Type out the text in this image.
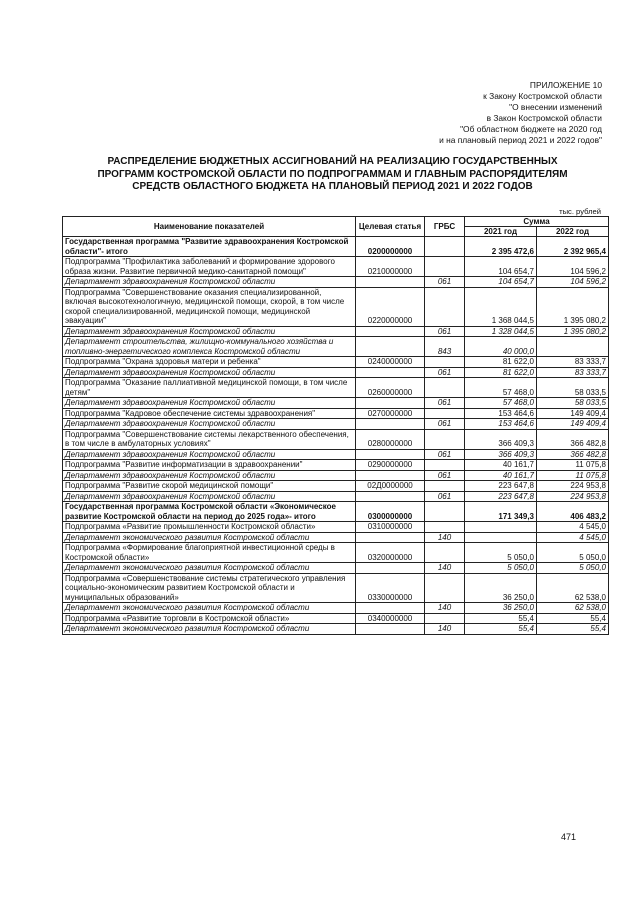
ПРИЛОЖЕНИЕ 10
к Закону Костромской области
"О внесении изменений
в Закон Костромской области
"Об областном бюджете на 2020 год
и на плановый период 2021 и 2022 годов"
РАСПРЕДЕЛЕНИЕ БЮДЖЕТНЫХ АССИГНОВАНИЙ НА РЕАЛИЗАЦИЮ ГОСУДАРСТВЕННЫХ
ПРОГРАММ КОСТРОМСКОЙ ОБЛАСТИ ПО ПОДПРОГРАММАМ И ГЛАВНЫМ РАСПОРЯДИТЕЛЯМ
СРЕДСТВ ОБЛАСТНОГО БЮДЖЕТА НА ПЛАНОВЫЙ ПЕРИОД 2021 И 2022 ГОДОВ
тыс. рублей
Наименование показателей	Целевая статья	ГРБС	Сумма	
			2021 год	2022 год
Государственная программа "Развитие здравоохранения Костромской области"- итого	0200000000		2 395 472,6	2 392 965,4
Подпрограмма "Профилактика заболеваний и формирование здорового образа жизни. Развитие первичной медико-санитарной помощи"	0210000000		104 654,7	104 596,2
Департамент здравоохранения Костромской области		061	104 654,7	104 596,2
Подпрограмма "Совершенствование оказания специализированной, включая высокотехнологичную, медицинской помощи, скорой, в том числе скорой специализированной, медицинской помощи, медицинской эвакуации"	0220000000		1 368 044,5	1 395 080,2
Департамент здравоохранения Костромской области		061	1 328 044,5	1 395 080,2
Департамент строительства, жилищно-коммунального хозяйства и топливно-энергетического комплекса Костромской области		843	40 000,0	
Подпрограмма "Охрана здоровья матери и ребенка"	0240000000		81 622,0	83 333,7
Департамент здравоохранения Костромской области		061	81 622,0	83 333,7
Подпрограмма "Оказание паллиативной медицинской помощи, в том числе детям"	0260000000		57 468,0	58 033,5
Департамент здравоохранения Костромской области		061	57 468,0	58 033,5
Подпрограмма "Кадровое обеспечение системы здравоохранения"	0270000000		153 464,6	149 409,4
Департамент здравоохранения Костромской области		061	153 464,6	149 409,4
Подпрограмма "Совершенствование системы лекарственного обеспечения, в том числе в амбулаторных условиях"	0280000000		366 409,3	366 482,8
Департамент здравоохранения Костромской области		061	366 409,3	366 482,8
Подпрограмма "Развитие информатизации в здравоохранении"	0290000000		40 161,7	11 075,8
Департамент здравоохранения Костромской области		061	40 161,7	11 075,8
Подпрограмма "Развитие скорой медицинской помощи"	02Д0000000		223 647,8	224 953,8
Департамент здравоохранения Костромской области		061	223 647,8	224 953,8
Государственная программа Костромской области «Экономическое развитие Костромской области на период до 2025 года»- итого	0300000000		171 349,3	406 483,2
Подпрограмма «Развитие промышленности Костромской области»	0310000000			4 545,0
Департамент экономического развития Костромской области		140		4 545,0
Подпрограмма «Формирование благоприятной инвестиционной среды в Костромской области»	0320000000		5 050,0	5 050,0
Департамент экономического развития Костромской области		140	5 050,0	5 050,0
Подпрограмма «Совершенствование системы стратегического управления социально-экономическим развитием Костромской области и муниципальных образований»	0330000000		36 250,0	62 538,0
Департамент экономического развития Костромской области		140	36 250,0	62 538,0
Подпрограмма «Развитие торговли в Костромской области»	0340000000		55,4	55,4
Департамент экономического развития Костромской области		140	55,4	55,4
471
